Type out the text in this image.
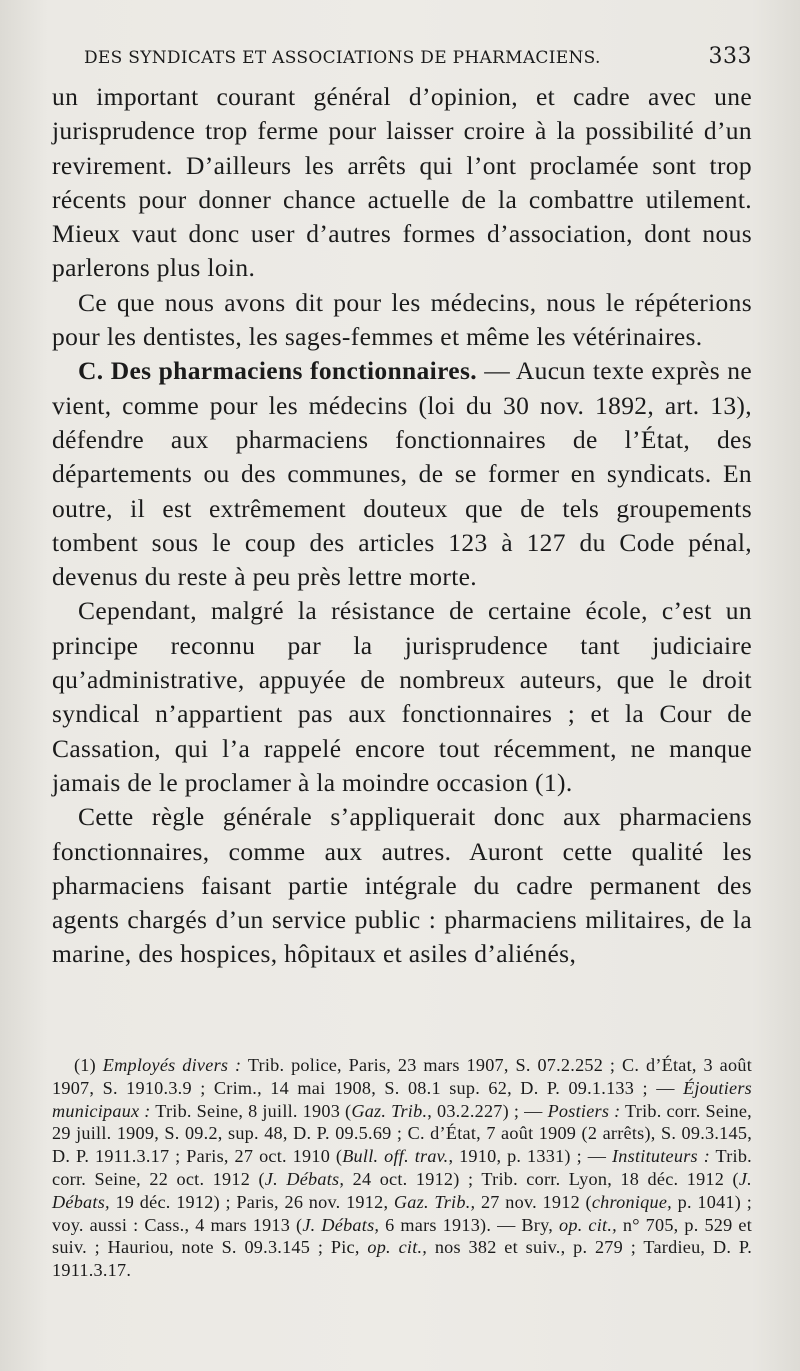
DES SYNDICATS ET ASSOCIATIONS DE PHARMACIENS.	333

un important courant général d’opinion, et cadre avec une jurisprudence trop ferme pour laisser croire à la possibilité d’un revirement. D’ailleurs les arrêts qui l’ont proclamée sont trop récents pour donner chance actuelle de la combattre utilement. Mieux vaut donc user d’autres formes d’association, dont nous parlerons plus loin.

Ce que nous avons dit pour les médecins, nous le répéterions pour les dentistes, les sages-femmes et même les vétérinaires.

C. Des pharmaciens fonctionnaires. — Aucun texte exprès ne vient, comme pour les médecins (loi du 30 nov. 1892, art. 13), défendre aux pharmaciens fonctionnaires de l’État, des départements ou des communes, de se former en syndicats. En outre, il est extrêmement douteux que de tels groupements tombent sous le coup des articles 123 à 127 du Code pénal, devenus du reste à peu près lettre morte.

Cependant, malgré la résistance de certaine école, c’est un principe reconnu par la jurisprudence tant judiciaire qu’administrative, appuyée de nombreux auteurs, que le droit syndical n’appartient pas aux fonctionnaires ; et la Cour de Cassation, qui l’a rappelé encore tout récemment, ne manque jamais de le proclamer à la moindre occasion (1).

Cette règle générale s’appliquerait donc aux pharmaciens fonctionnaires, comme aux autres. Auront cette qualité les pharmaciens faisant partie intégrale du cadre permanent des agents chargés d’un service public : pharmaciens militaires, de la marine, des hospices, hôpitaux et asiles d’aliénés,

(1) Employés divers : Trib. police, Paris, 23 mars 1907, S. 07.2.252 ; C. d’État, 3 août 1907, S. 1910.3.9 ; Crim., 14 mai 1908, S. 08.1 sup. 62, D. P. 09.1.133 ; — Éjoutiers municipaux : Trib. Seine, 8 juill. 1903 (Gaz. Trib., 03.2.227) ; — Postiers : Trib. corr. Seine, 29 juill. 1909, S. 09.2, sup. 48, D. P. 09.5.69 ; C. d’État, 7 août 1909 (2 arrêts), S. 09.3.145, D. P. 1911.3.17 ; Paris, 27 oct. 1910 (Bull. off. trav., 1910, p. 1331) ; — Instituteurs : Trib. corr. Seine, 22 oct. 1912 (J. Débats, 24 oct. 1912) ; Trib. corr. Lyon, 18 déc. 1912 (J. Débats, 19 déc. 1912) ; Paris, 26 nov. 1912, Gaz. Trib., 27 nov. 1912 (chronique, p. 1041) ; voy. aussi : Cass., 4 mars 1913 (J. Débats, 6 mars 1913). — Bry, op. cit., n° 705, p. 529 et suiv. ; Hauriou, note S. 09.3.145 ; Pic, op. cit., nos 382 et suiv., p. 279 ; Tardieu, D. P. 1911.3.17.
